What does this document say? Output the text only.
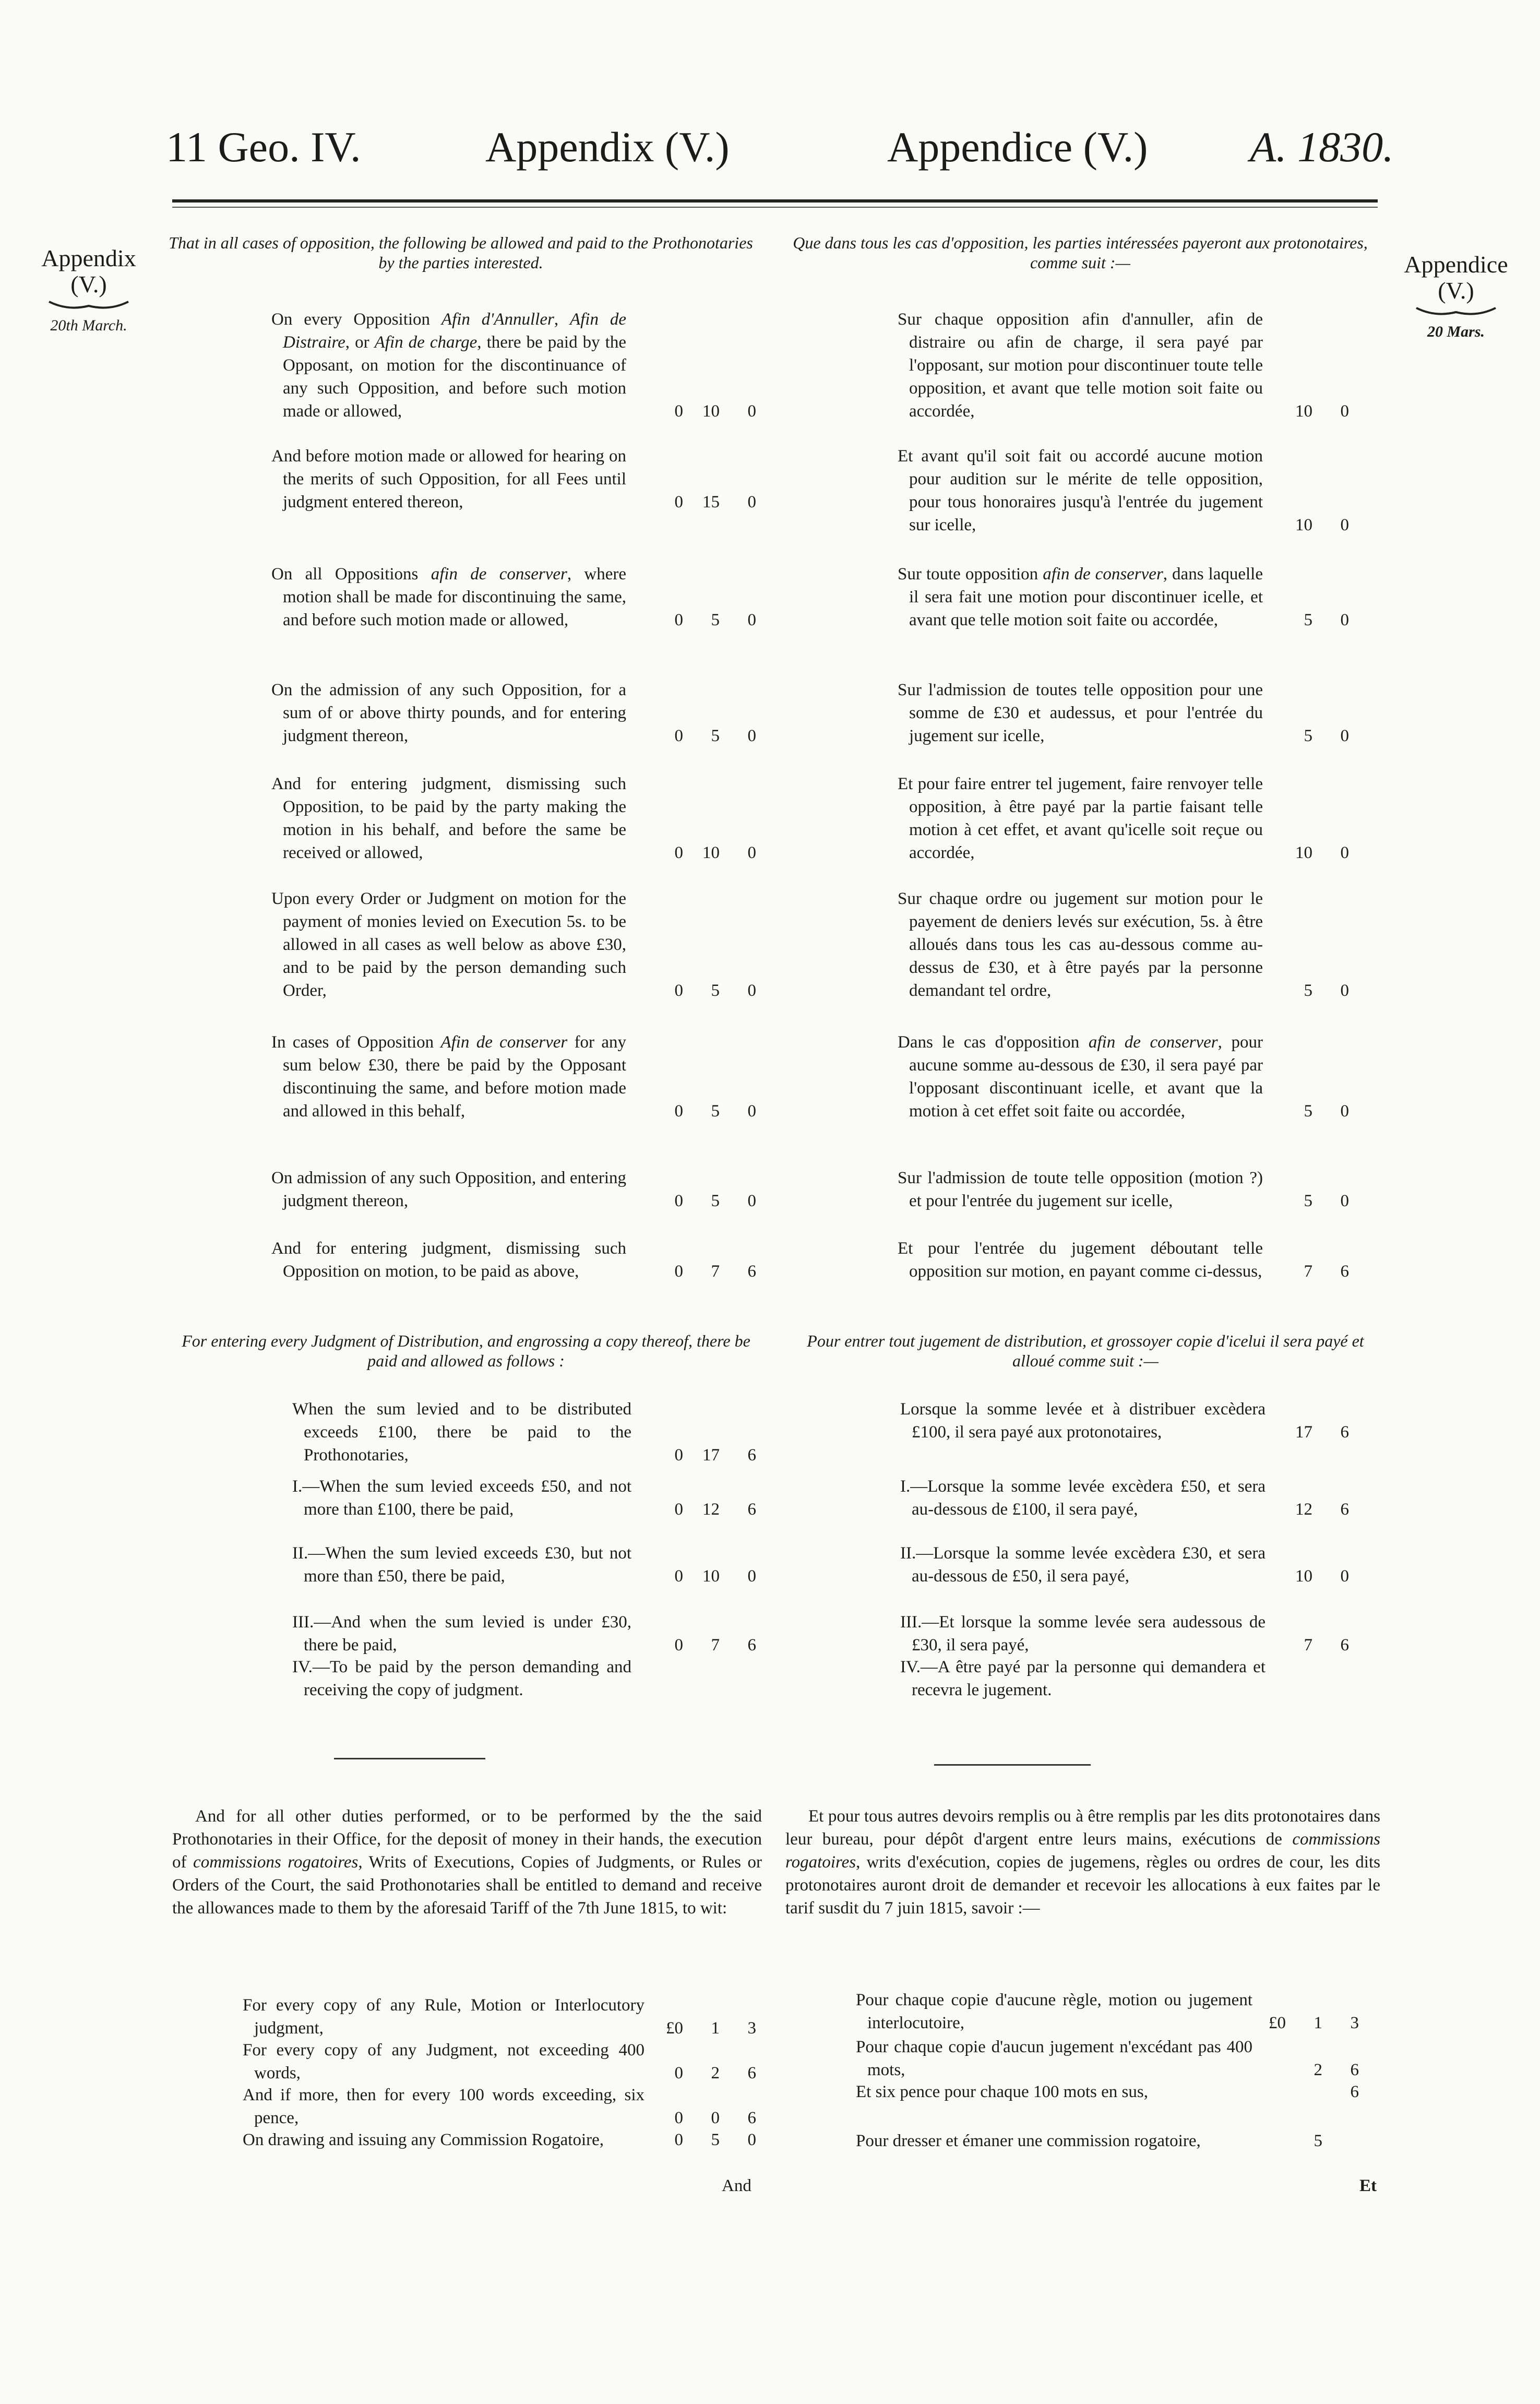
11 Geo. IV.	Appendix (V.)	Appendice (V.) A. 1830.
Appendix
(V.)
20th March.
Appendice
(V.)
20 Mars.
That in all cases of opposition, the following be allowed and paid to the Prothonotaries by the parties interested.
Que dans tous les cas d'opposition, les parties intéressées payeront aux protonotaires, comme suit :—
On every Opposition Afin d'Annuller, Afin de Distraire, or Afin de charge, there be paid by the Opposant, on motion for the discontinuance of any such Opposition, and before such motion made or allowed,	0 10 0
And before motion made or allowed for hearing on the merits of such Opposition, for all Fees until judgment entered thereon,	0 15 0
On all Oppositions afin de conserver, where motion shall be made for discontinuing the same, and before such motion made or allowed,	0 5 0
On the admission of any such Opposition, for a sum of or above thirty pounds, and for entering judgment thereon,	0 5 0
And for entering judgment, dismissing such Opposition, to be paid by the party making the motion in his behalf, and before the same be received or allowed,	0 10 0
Upon every Order or Judgment on motion for the payment of monies levied on Execution 5s. to be allowed in all cases as well below as above £30, and to be paid by the person demanding such Order,	0 5 0
In cases of Opposition Afin de conserver for any sum below £30, there be paid by the Opposant discontinuing the same, and before motion made and allowed in this behalf,	0 5 0
On admission of any such Opposition, and entering judgment thereon,	0 5 0
And for entering judgment, dismissing such Opposition on motion, to be paid as above,	0 7 6
Sur chaque opposition afin d'annuller, afin de distraire ou afin de charge, il sera payé par l'opposant, sur motion pour discontinuer toute telle opposition, et avant que telle motion soit faite ou accordée,	10 0
Et avant qu'il soit fait ou accordé aucune motion pour audition sur le mérite de telle opposition, pour tous honoraires jusqu'à l'entrée du jugement sur icelle,	10 0
Sur toute opposition afin de conserver, dans laquelle il sera fait une motion pour discontinuer icelle, et avant que telle motion soit faite ou accordée,	5 0
Sur l'admission de toutes telle opposition pour une somme de £30 et audessus, et pour l'entrée du jugement sur icelle,	5 0
Et pour faire entrer tel jugement, faire renvoyer telle opposition, à être payé par la partie faisant telle motion à cet effet, et avant qu'icelle soit reçue ou accordée,	10 0
Sur chaque ordre ou jugement sur motion pour le payement de deniers levés sur exécution, 5s. à être alloués dans tous les cas au-dessous comme au-dessus de £30, et à être payés par la personne demandant tel ordre,	5 0
Dans le cas d'opposition afin de conserver, pour aucune somme au-dessous de £30, il sera payé par l'opposant discontinuant icelle, et avant que la motion à cet effet soit faite ou accordée,	5 0
Sur l'admission de toute telle opposition (motion ?) et pour l'entrée du jugement sur icelle,	5 0
Et pour l'entrée du jugement déboutant telle opposition sur motion, en payant comme ci-dessus,	7 6
For entering every Judgment of Distribution, and engrossing a copy thereof, there be paid and allowed as follows :
Pour entrer tout jugement de distribution, et grossoyer copie d'icelui il sera payé et alloué comme suit :—
When the sum levied and to be distributed exceeds £100, there be paid to the Prothonotaries,	0 17 6
I.—When the sum levied exceeds £50, and not more than £100, there be paid,	0 12 6
II.—When the sum levied exceeds £30, but not more than £50, there be paid,	0 10 0
III.—And when the sum levied is under £30, there be paid,	0 7 6
IV.—To be paid by the person demanding and receiving the copy of judgment.
Lorsque la somme levée et à distribuer excèdera £100, il sera payé aux protonotaires,	17 6
I.—Lorsque la somme levée excèdera £50, et sera au-dessous de £100, il sera payé,	12 6
II.—Lorsque la somme levée excèdera £30, et sera au-dessous de £50, il sera payé,	10 0
III.—Et lorsque la somme levée sera audessous de £30, il sera payé,	7 6
IV.—A être payé par la personne qui demandera et recevra le jugement.
And for all other duties performed, or to be performed by the the said Prothonotaries in their Office, for the deposit of money in their hands, the execution of commissions rogatoires, Writs of Executions, Copies of Judgments, or Rules or Orders of the Court, the said Prothonotaries shall be entitled to demand and receive the allowances made to them by the aforesaid Tariff of the 7th June 1815, to wit:
Et pour tous autres devoirs remplis ou à être remplis par les dits protonotaires dans leur bureau, pour dépôt d'argent entre leurs mains, exécutions de commissions rogatoires, writs d'exécution, copies de jugemens, règles ou ordres de cour, les dits protonotaires auront droit de demander et recevoir les allocations à eux faites par le tarif susdit du 7 juin 1815, savoir :—
For every copy of any Rule, Motion or Interlocutory judgment,	£0 1 3
For every copy of any Judgment, not exceeding 400 words,	0 2 6
And if more, then for every 100 words exceeding, six pence,	0 0 6
On drawing and issuing any Commission Rogatoire,	0 5 0
Pour chaque copie d'aucune règle, motion ou jugement interlocutoire,	£0 1 3
Pour chaque copie d'aucun jugement n'excédant pas 400 mots,	2 6
Et six pence pour chaque 100 mots en sus,	6
Pour dresser et émaner une commission rogatoire,	5
And	Et
